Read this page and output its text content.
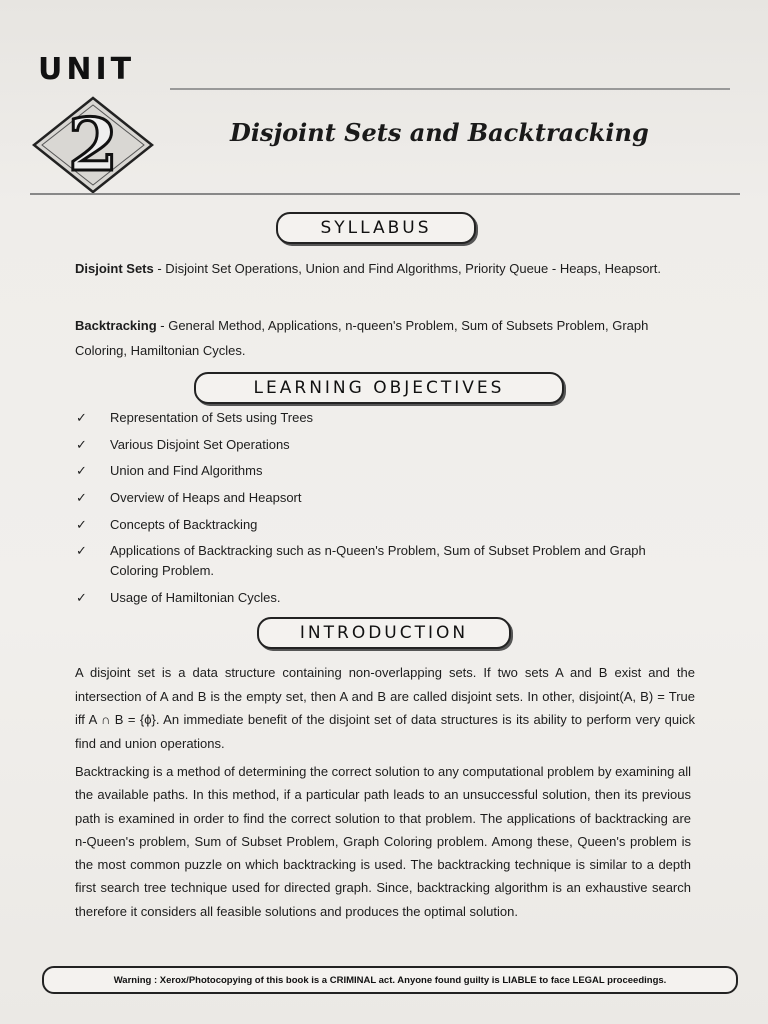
UNIT
2	Disjoint Sets and Backtracking
SYLLABUS

Disjoint Sets - Disjoint Set Operations, Union and Find Algorithms, Priority Queue - Heaps, Heapsort.

Backtracking - General Method, Applications, n-queen's Problem, Sum of Subsets Problem, Graph Coloring, Hamiltonian Cycles.

LEARNING OBJECTIVES
✓	Representation of Sets using Trees
✓	Various Disjoint Set Operations
✓	Union and Find Algorithms
✓	Overview of Heaps and Heapsort
✓	Concepts of Backtracking
✓	Applications of Backtracking such as n-Queen's Problem, Sum of Subset Problem and Graph Coloring Problem.
✓	Usage of Hamiltonian Cycles.
INTRODUCTION

A disjoint set is a data structure containing non-overlapping sets. If two sets A and B exist and the intersection of A and B is the empty set, then A and B are called disjoint sets. In other, disjoint(A, B) = True iff A ∩ B = {ϕ}. An immediate benefit of the disjoint set of data structures is its ability to perform very quick find and union operations.

Backtracking is a method of determining the correct solution to any computational problem by examining all the available paths. In this method, if a particular path leads to an unsuccessful solution, then its previous path is examined in order to find the correct solution to that problem. The applications of backtracking are n-Queen's problem, Sum of Subset Problem, Graph Coloring problem. Among these, Queen's problem is the most common puzzle on which backtracking is used. The backtracking technique is similar to a depth first search tree technique used for directed graph. Since, backtracking algorithm is an exhaustive search therefore it considers all feasible solutions and produces the optimal solution.

Warning : Xerox/Photocopying of this book is a CRIMINAL act. Anyone found guilty is LIABLE to face LEGAL proceedings.
